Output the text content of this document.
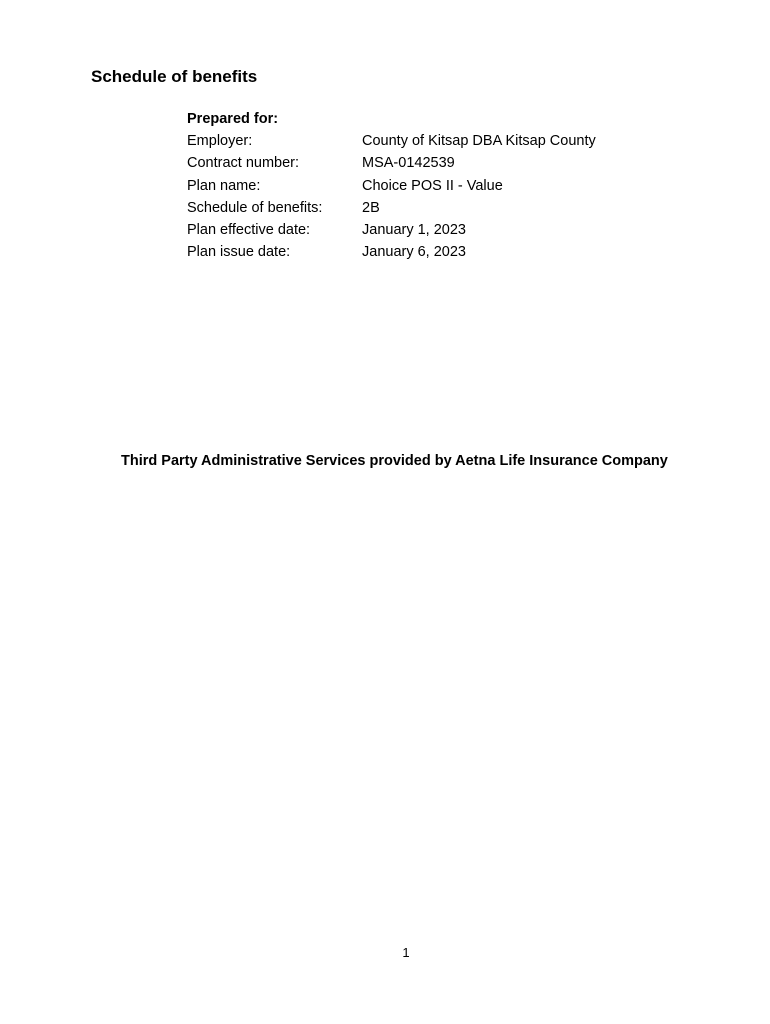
Schedule of benefits
Prepared for:
Employer:	County of Kitsap DBA Kitsap County
Contract number:	MSA-0142539
Plan name:	Choice POS II - Value
Schedule of benefits:	2B
Plan effective date:	January 1, 2023
Plan issue date:	January 6, 2023
Third Party Administrative Services provided by Aetna Life Insurance Company
1
